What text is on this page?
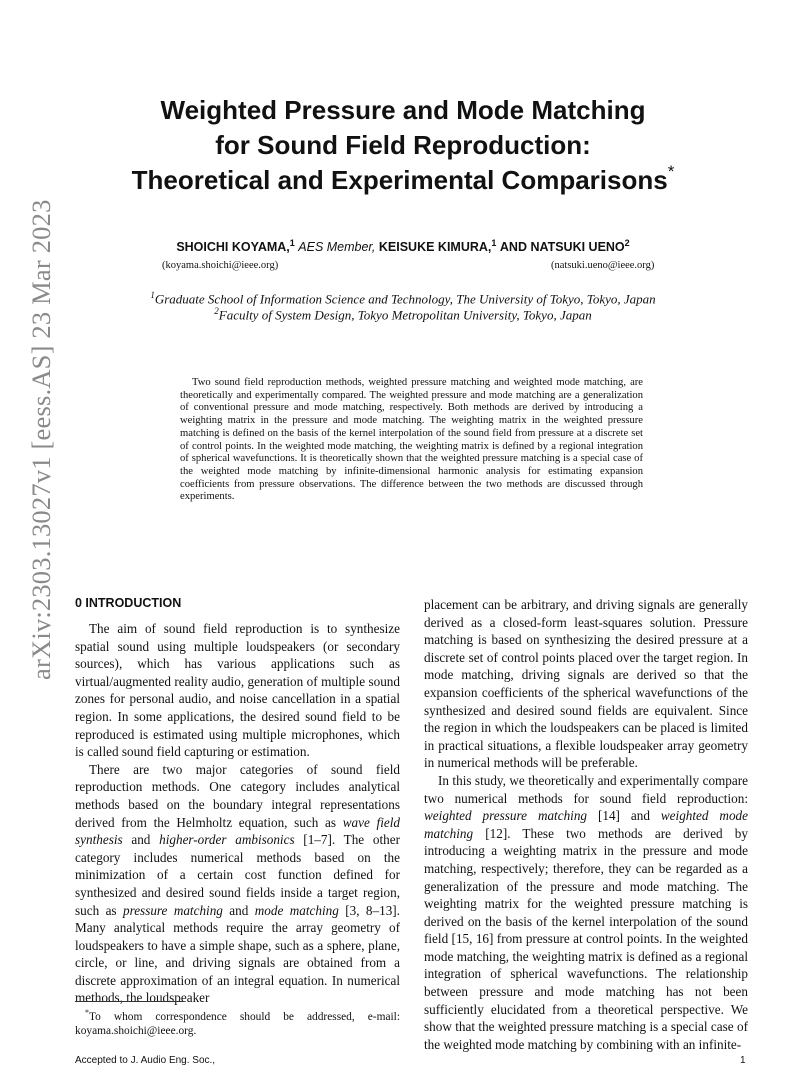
arXiv:2303.13027v1 [eess.AS] 23 Mar 2023
Weighted Pressure and Mode Matching
for Sound Field Reproduction:
Theoretical and Experimental Comparisons*
SHOICHI KOYAMA,$^1$ AES Member, KEISUKE KIMURA,$^1$ AND NATSUKI UENO$^2$
(koyama.shoichi@ieee.org)	(natsuki.ueno@ieee.org)
$^1$Graduate School of Information Science and Technology, The University of Tokyo, Tokyo, Japan
$^2$Faculty of System Design, Tokyo Metropolitan University, Tokyo, Japan
Two sound field reproduction methods, weighted pressure matching and weighted mode matching, are theoretically and experimentally compared. The weighted pressure and mode matching are a generalization of conventional pressure and mode matching, respectively. Both methods are derived by introducing a weighting matrix in the pressure and mode matching. The weighting matrix in the weighted pressure matching is defined on the basis of the kernel interpolation of the sound field from pressure at a discrete set of control points. In the weighted mode matching, the weighting matrix is defined by a regional integration of spherical wavefunctions. It is theoretically shown that the weighted pressure matching is a special case of the weighted mode matching by infinite-dimensional harmonic analysis for estimating expansion coefficients from pressure observations. The difference between the two methods are discussed through experiments.
0 INTRODUCTION

The aim of sound field reproduction is to synthesize spatial sound using multiple loudspeakers (or secondary sources), which has various applications such as virtual/augmented reality audio, generation of multiple sound zones for personal audio, and noise cancellation in a spatial region. In some applications, the desired sound field to be reproduced is estimated using multiple microphones, which is called sound field capturing or estimation.

There are two major categories of sound field reproduction methods. One category includes analytical methods based on the boundary integral representations derived from the Helmholtz equation, such as wave field synthesis and higher-order ambisonics [1–7]. The other category includes numerical methods based on the minimization of a certain cost function defined for synthesized and desired sound fields inside a target region, such as pressure matching and mode matching [3, 8–13]. Many analytical methods require the array geometry of loudspeakers to have a simple shape, such as a sphere, plane, circle, or line, and driving signals are obtained from a discrete approximation of an integral equation. In numerical methods, the loudspeaker

placement can be arbitrary, and driving signals are generally derived as a closed-form least-squares solution. Pressure matching is based on synthesizing the desired pressure at a discrete set of control points placed over the target region. In mode matching, driving signals are derived so that the expansion coefficients of the spherical wavefunctions of the synthesized and desired sound fields are equivalent. Since the region in which the loudspeakers can be placed is limited in practical situations, a flexible loudspeaker array geometry in numerical methods will be preferable.

In this study, we theoretically and experimentally compare two numerical methods for sound field reproduction: weighted pressure matching [14] and weighted mode matching [12]. These two methods are derived by introducing a weighting matrix in the pressure and mode matching, respectively; therefore, they can be regarded as a generalization of the pressure and mode matching. The weighting matrix for the weighted pressure matching is derived on the basis of the kernel interpolation of the sound field [15, 16] from pressure at control points. In the weighted mode matching, the weighting matrix is defined as a regional integration of spherical wavefunctions. The relationship between pressure and mode matching has not been sufficiently elucidated from a theoretical perspective. We show that the weighted pressure matching is a special case of the weighted mode matching by combining with an infinite-

*To whom correspondence should be addressed, e-mail: koyama.shoichi@ieee.org.
Accepted to J. Audio Eng. Soc.,	1
